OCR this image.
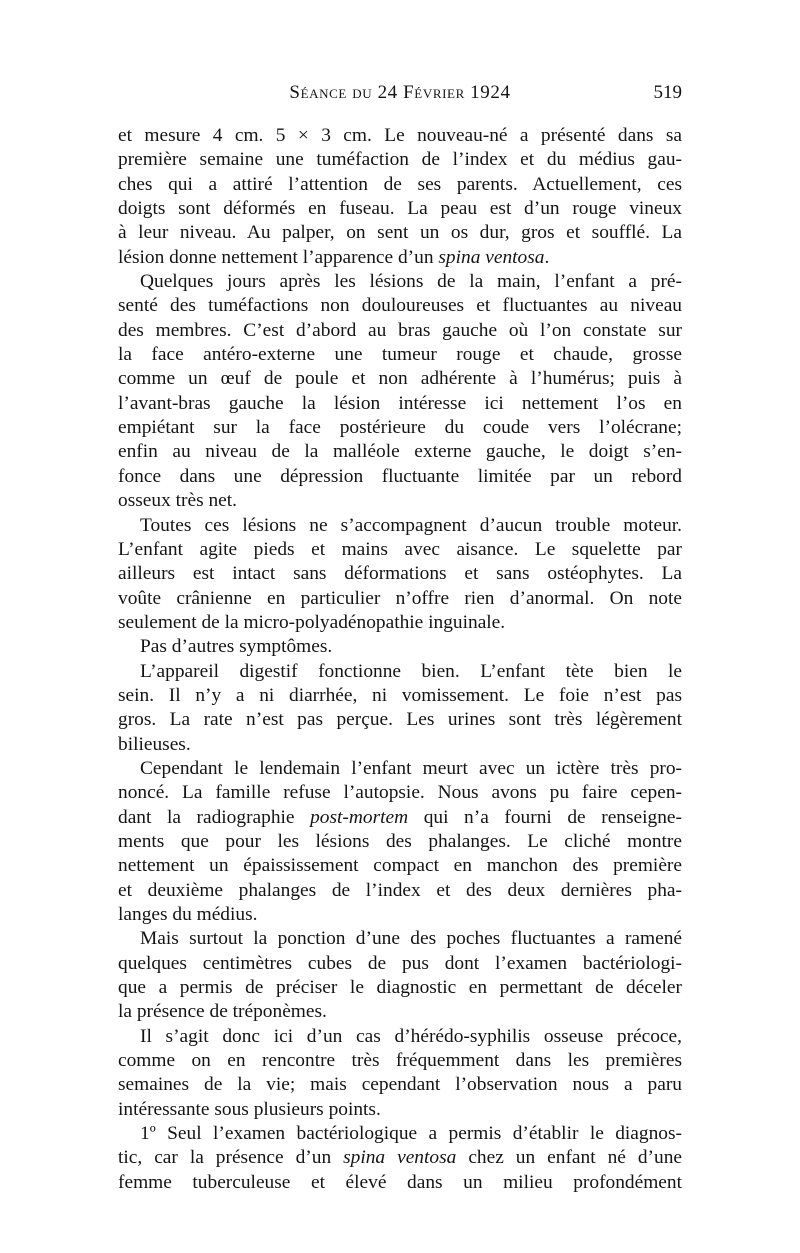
Séance du 24 Février 1924	519
et mesure 4 cm. 5 × 3 cm. Le nouveau-né a présenté dans sa
première semaine une tuméfaction de l’index et du médius gau-
ches qui a attiré l’attention de ses parents. Actuellement, ces
doigts sont déformés en fuseau. La peau est d’un rouge vineux
à leur niveau. Au palper, on sent un os dur, gros et soufflé. La
lésion donne nettement l’apparence d’un spina ventosa.
Quelques jours après les lésions de la main, l’enfant a pré-
senté des tuméfactions non douloureuses et fluctuantes au niveau
des membres. C’est d’abord au bras gauche où l’on constate sur
la face antéro-externe une tumeur rouge et chaude, grosse
comme un œuf de poule et non adhérente à l’humérus; puis à
l’avant-bras gauche la lésion intéresse ici nettement l’os en
empiétant sur la face postérieure du coude vers l’olécrane;
enfin au niveau de la malléole externe gauche, le doigt s’en-
fonce dans une dépression fluctuante limitée par un rebord
osseux très net.
Toutes ces lésions ne s’accompagnent d’aucun trouble moteur.
L’enfant agite pieds et mains avec aisance. Le squelette par
ailleurs est intact sans déformations et sans ostéophytes. La
voûte crânienne en particulier n’offre rien d’anormal. On note
seulement de la micro-polyadénopathie inguinale.
Pas d’autres symptômes.
L’appareil digestif fonctionne bien. L’enfant tète bien le
sein. Il n’y a ni diarrhée, ni vomissement. Le foie n’est pas
gros. La rate n’est pas perçue. Les urines sont très légèrement
bilieuses.
Cependant le lendemain l’enfant meurt avec un ictère très pro-
noncé. La famille refuse l’autopsie. Nous avons pu faire cepen-
dant la radiographie post-mortem qui n’a fourni de renseigne-
ments que pour les lésions des phalanges. Le cliché montre
nettement un épaississement compact en manchon des première
et deuxième phalanges de l’index et des deux dernières pha-
langes du médius.
Mais surtout la ponction d’une des poches fluctuantes a ramené
quelques centimètres cubes de pus dont l’examen bactériologi-
que a permis de préciser le diagnostic en permettant de déceler
la présence de tréponèmes.
Il s’agit donc ici d’un cas d’hérédo-syphilis osseuse précoce,
comme on en rencontre très fréquemment dans les premières
semaines de la vie; mais cependant l’observation nous a paru
intéressante sous plusieurs points.
1º Seul l’examen bactériologique a permis d’établir le diagnos-
tic, car la présence d’un spina ventosa chez un enfant né d’une
femme tuberculeuse et élevé dans un milieu profondément
